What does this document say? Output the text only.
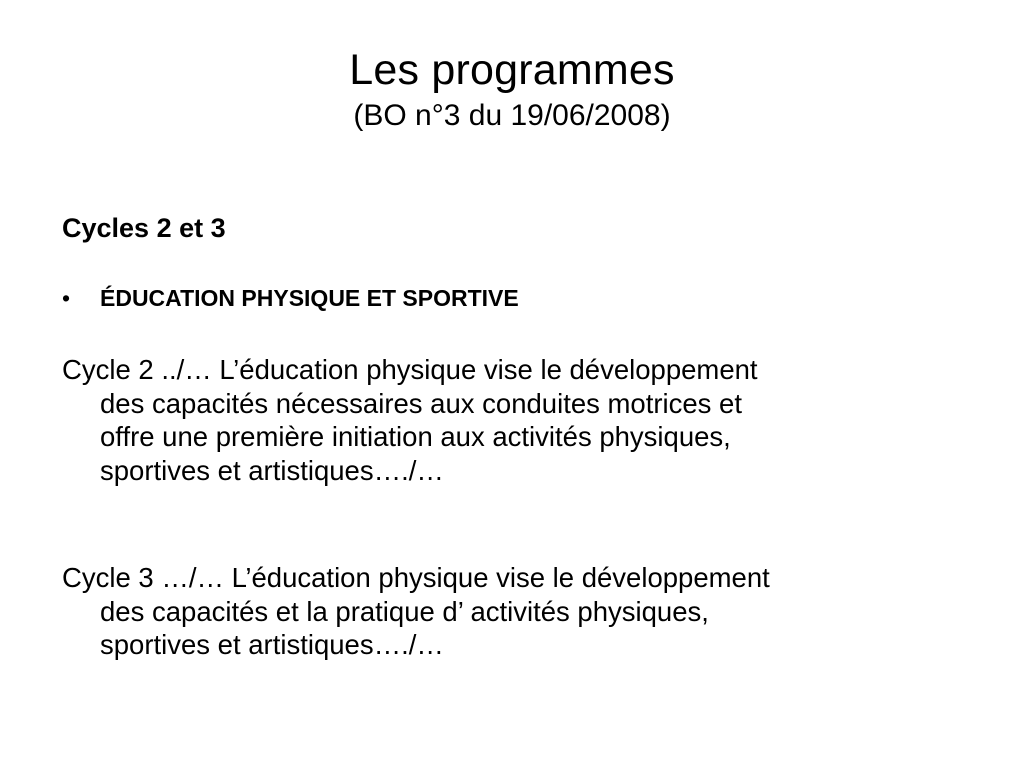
Les programmes
(BO n°3 du 19/06/2008)
Cycles 2 et 3
•	ÉDUCATION PHYSIQUE ET SPORTIVE
Cycle 2 ../… L’éducation physique vise le développement
des capacités nécessaires aux conduites motrices et
offre une première initiation aux activités physiques,
sportives et artistiques…./…
Cycle 3 …/… L’éducation physique vise le développement
des capacités et la pratique d’ activités physiques,
sportives et artistiques…./…
